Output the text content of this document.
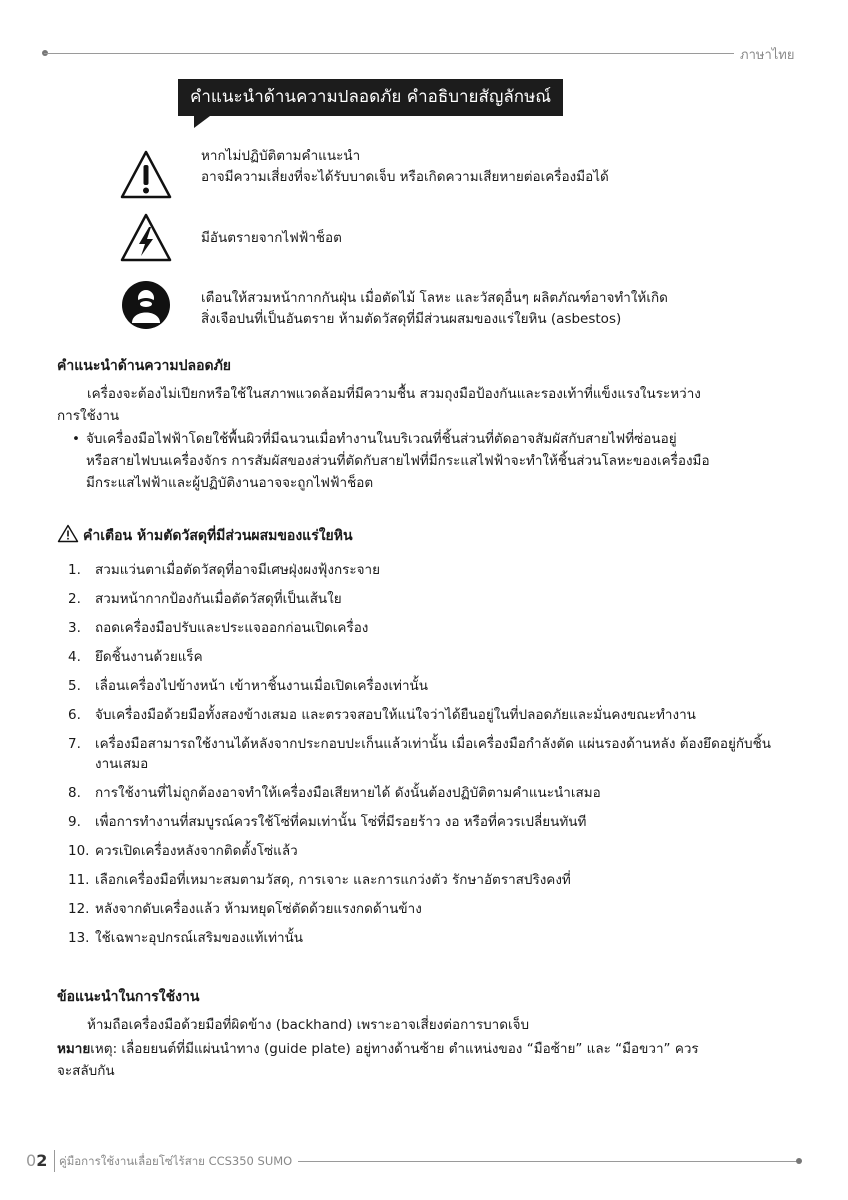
ภาษาไทย
คำแนะนำด้านความปลอดภัย คำอธิบายสัญลักษณ์
หากไม่ปฏิบัติตามคำแนะนำ
อาจมีความเสี่ยงที่จะได้รับบาดเจ็บ หรือเกิดความเสียหายต่อเครื่องมือได้
มีอันตรายจากไฟฟ้าช็อต
เตือนให้สวมหน้ากากกันฝุ่น เมื่อตัดไม้ โลหะ และวัสดุอื่นๆ ผลิตภัณฑ์อาจทำให้เกิด
สิ่งเจือปนที่เป็นอันตราย ห้ามตัดวัสดุที่มีส่วนผสมของแร่ใยหิน (asbestos)
คำแนะนำด้านความปลอดภัย
เครื่องจะต้องไม่เปียกหรือใช้ในสภาพแวดล้อมที่มีความชื้น สวมถุงมือป้องกันและรองเท้าที่แข็งแรงในระหว่าง
การใช้งาน
• จับเครื่องมือไฟฟ้าโดยใช้พื้นผิวที่มีฉนวนเมื่อทำงานในบริเวณที่ชิ้นส่วนที่ตัดอาจสัมผัสกับสายไฟที่ซ่อนอยู่
หรือสายไฟบนเครื่องจักร การสัมผัสของส่วนที่ตัดกับสายไฟที่มีกระแสไฟฟ้าจะทำให้ชิ้นส่วนโลหะของเครื่องมือ
มีกระแสไฟฟ้าและผู้ปฏิบัติงานอาจจะถูกไฟฟ้าช็อต
คำเตือน ห้ามตัดวัสดุที่มีส่วนผสมของแร่ใยหิน
1. สวมแว่นตาเมื่อตัดวัสดุที่อาจมีเศษฝุ่งผงฟุ้งกระจาย
2. สวมหน้ากากป้องกันเมื่อตัดวัสดุที่เป็นเส้นใย
3. ถอดเครื่องมือปรับและประแจออกก่อนเปิดเครื่อง
4. ยึดชิ้นงานด้วยแร็ค
5. เลื่อนเครื่องไปข้างหน้า เข้าหาชิ้นงานเมื่อเปิดเครื่องเท่านั้น
6. จับเครื่องมือด้วยมือทั้งสองข้างเสมอ และตรวจสอบให้แน่ใจว่าได้ยืนอยู่ในที่ปลอดภัยและมั่นคงขณะทำงาน
7. เครื่องมือสามารถใช้งานได้หลังจากประกอบปะเก็นแล้วเท่านั้น เมื่อเครื่องมือกำลังตัด แผ่นรองด้านหลัง ต้องยึดอยู่กับชิ้นงานเสมอ
8. การใช้งานที่ไม่ถูกต้องอาจทำให้เครื่องมือเสียหายได้ ดังนั้นต้องปฏิบัติตามคำแนะนำเสมอ
9. เพื่อการทำงานที่สมบูรณ์ควรใช้โซ่ที่คมเท่านั้น โซ่ที่มีรอยร้าว งอ หรือที่ควรเปลี่ยนทันที
10. ควรเปิดเครื่องหลังจากติดตั้งโซ่แล้ว
11. เลือกเครื่องมือที่เหมาะสมตามวัสดุ, การเจาะ และการแกว่งตัว รักษาอัตราสปริงคงที่
12. หลังจากดับเครื่องแล้ว ห้ามหยุดโซ่ตัดด้วยแรงกดด้านข้าง
13. ใช้เฉพาะอุปกรณ์เสริมของแท้เท่านั้น
ข้อแนะนำในการใช้งาน
ห้ามถือเครื่องมือด้วยมือที่ผิดข้าง (backhand) เพราะอาจเสี่ยงต่อการบาดเจ็บ
หมายเหตุ: เลื่อยยนต์ที่มีแผ่นนำทาง (guide plate) อยู่ทางด้านซ้าย ตำแหน่งของ “มือซ้าย” และ “มือขวา” ควร
จะสลับกัน
02 คู่มือการใช้งานเลื่อยโซ่ไร้สาย CCS350 SUMO
